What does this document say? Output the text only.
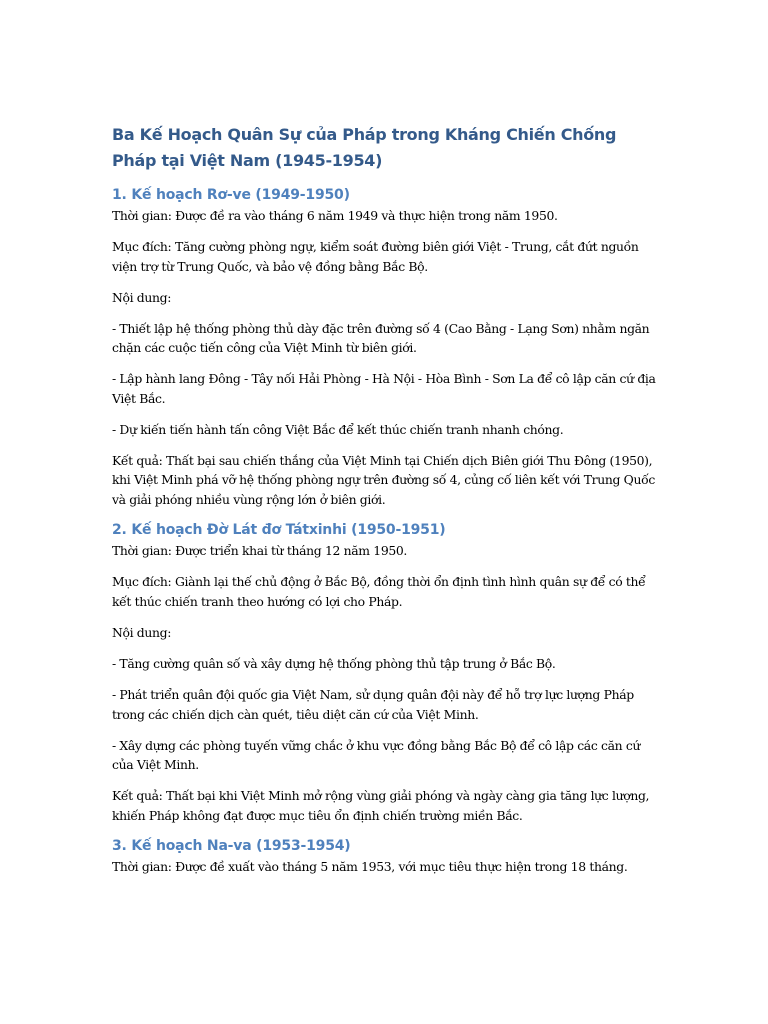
Ba Kế Hoạch Quân Sự của Pháp trong Kháng Chiến Chống Pháp tại Việt Nam (1945-1954)
1. Kế hoạch Rơ-ve (1949-1950)

Thời gian: Được đề ra vào tháng 6 năm 1949 và thực hiện trong năm 1950.

Mục đích: Tăng cường phòng ngự, kiểm soát đường biên giới Việt - Trung, cắt đứt nguồn viện trợ từ Trung Quốc, và bảo vệ đồng bằng Bắc Bộ.

Nội dung:

- Thiết lập hệ thống phòng thủ dày đặc trên đường số 4 (Cao Bằng - Lạng Sơn) nhằm ngăn chặn các cuộc tiến công của Việt Minh từ biên giới.

- Lập hành lang Đông - Tây nối Hải Phòng - Hà Nội - Hòa Bình - Sơn La để cô lập căn cứ địa Việt Bắc.

- Dự kiến tiến hành tấn công Việt Bắc để kết thúc chiến tranh nhanh chóng.

Kết quả: Thất bại sau chiến thắng của Việt Minh tại Chiến dịch Biên giới Thu Đông (1950), khi Việt Minh phá vỡ hệ thống phòng ngự trên đường số 4, củng cố liên kết với Trung Quốc và giải phóng nhiều vùng rộng lớn ở biên giới.

2. Kế hoạch Đờ Lát đơ Tátxinhi (1950-1951)

Thời gian: Được triển khai từ tháng 12 năm 1950.

Mục đích: Giành lại thế chủ động ở Bắc Bộ, đồng thời ổn định tình hình quân sự để có thể kết thúc chiến tranh theo hướng có lợi cho Pháp.

Nội dung:

- Tăng cường quân số và xây dựng hệ thống phòng thủ tập trung ở Bắc Bộ.

- Phát triển quân đội quốc gia Việt Nam, sử dụng quân đội này để hỗ trợ lực lượng Pháp trong các chiến dịch càn quét, tiêu diệt căn cứ của Việt Minh.

- Xây dựng các phòng tuyến vững chắc ở khu vực đồng bằng Bắc Bộ để cô lập các căn cứ của Việt Minh.

Kết quả: Thất bại khi Việt Minh mở rộng vùng giải phóng và ngày càng gia tăng lực lượng, khiến Pháp không đạt được mục tiêu ổn định chiến trường miền Bắc.

3. Kế hoạch Na-va (1953-1954)

Thời gian: Được đề xuất vào tháng 5 năm 1953, với mục tiêu thực hiện trong 18 tháng.
